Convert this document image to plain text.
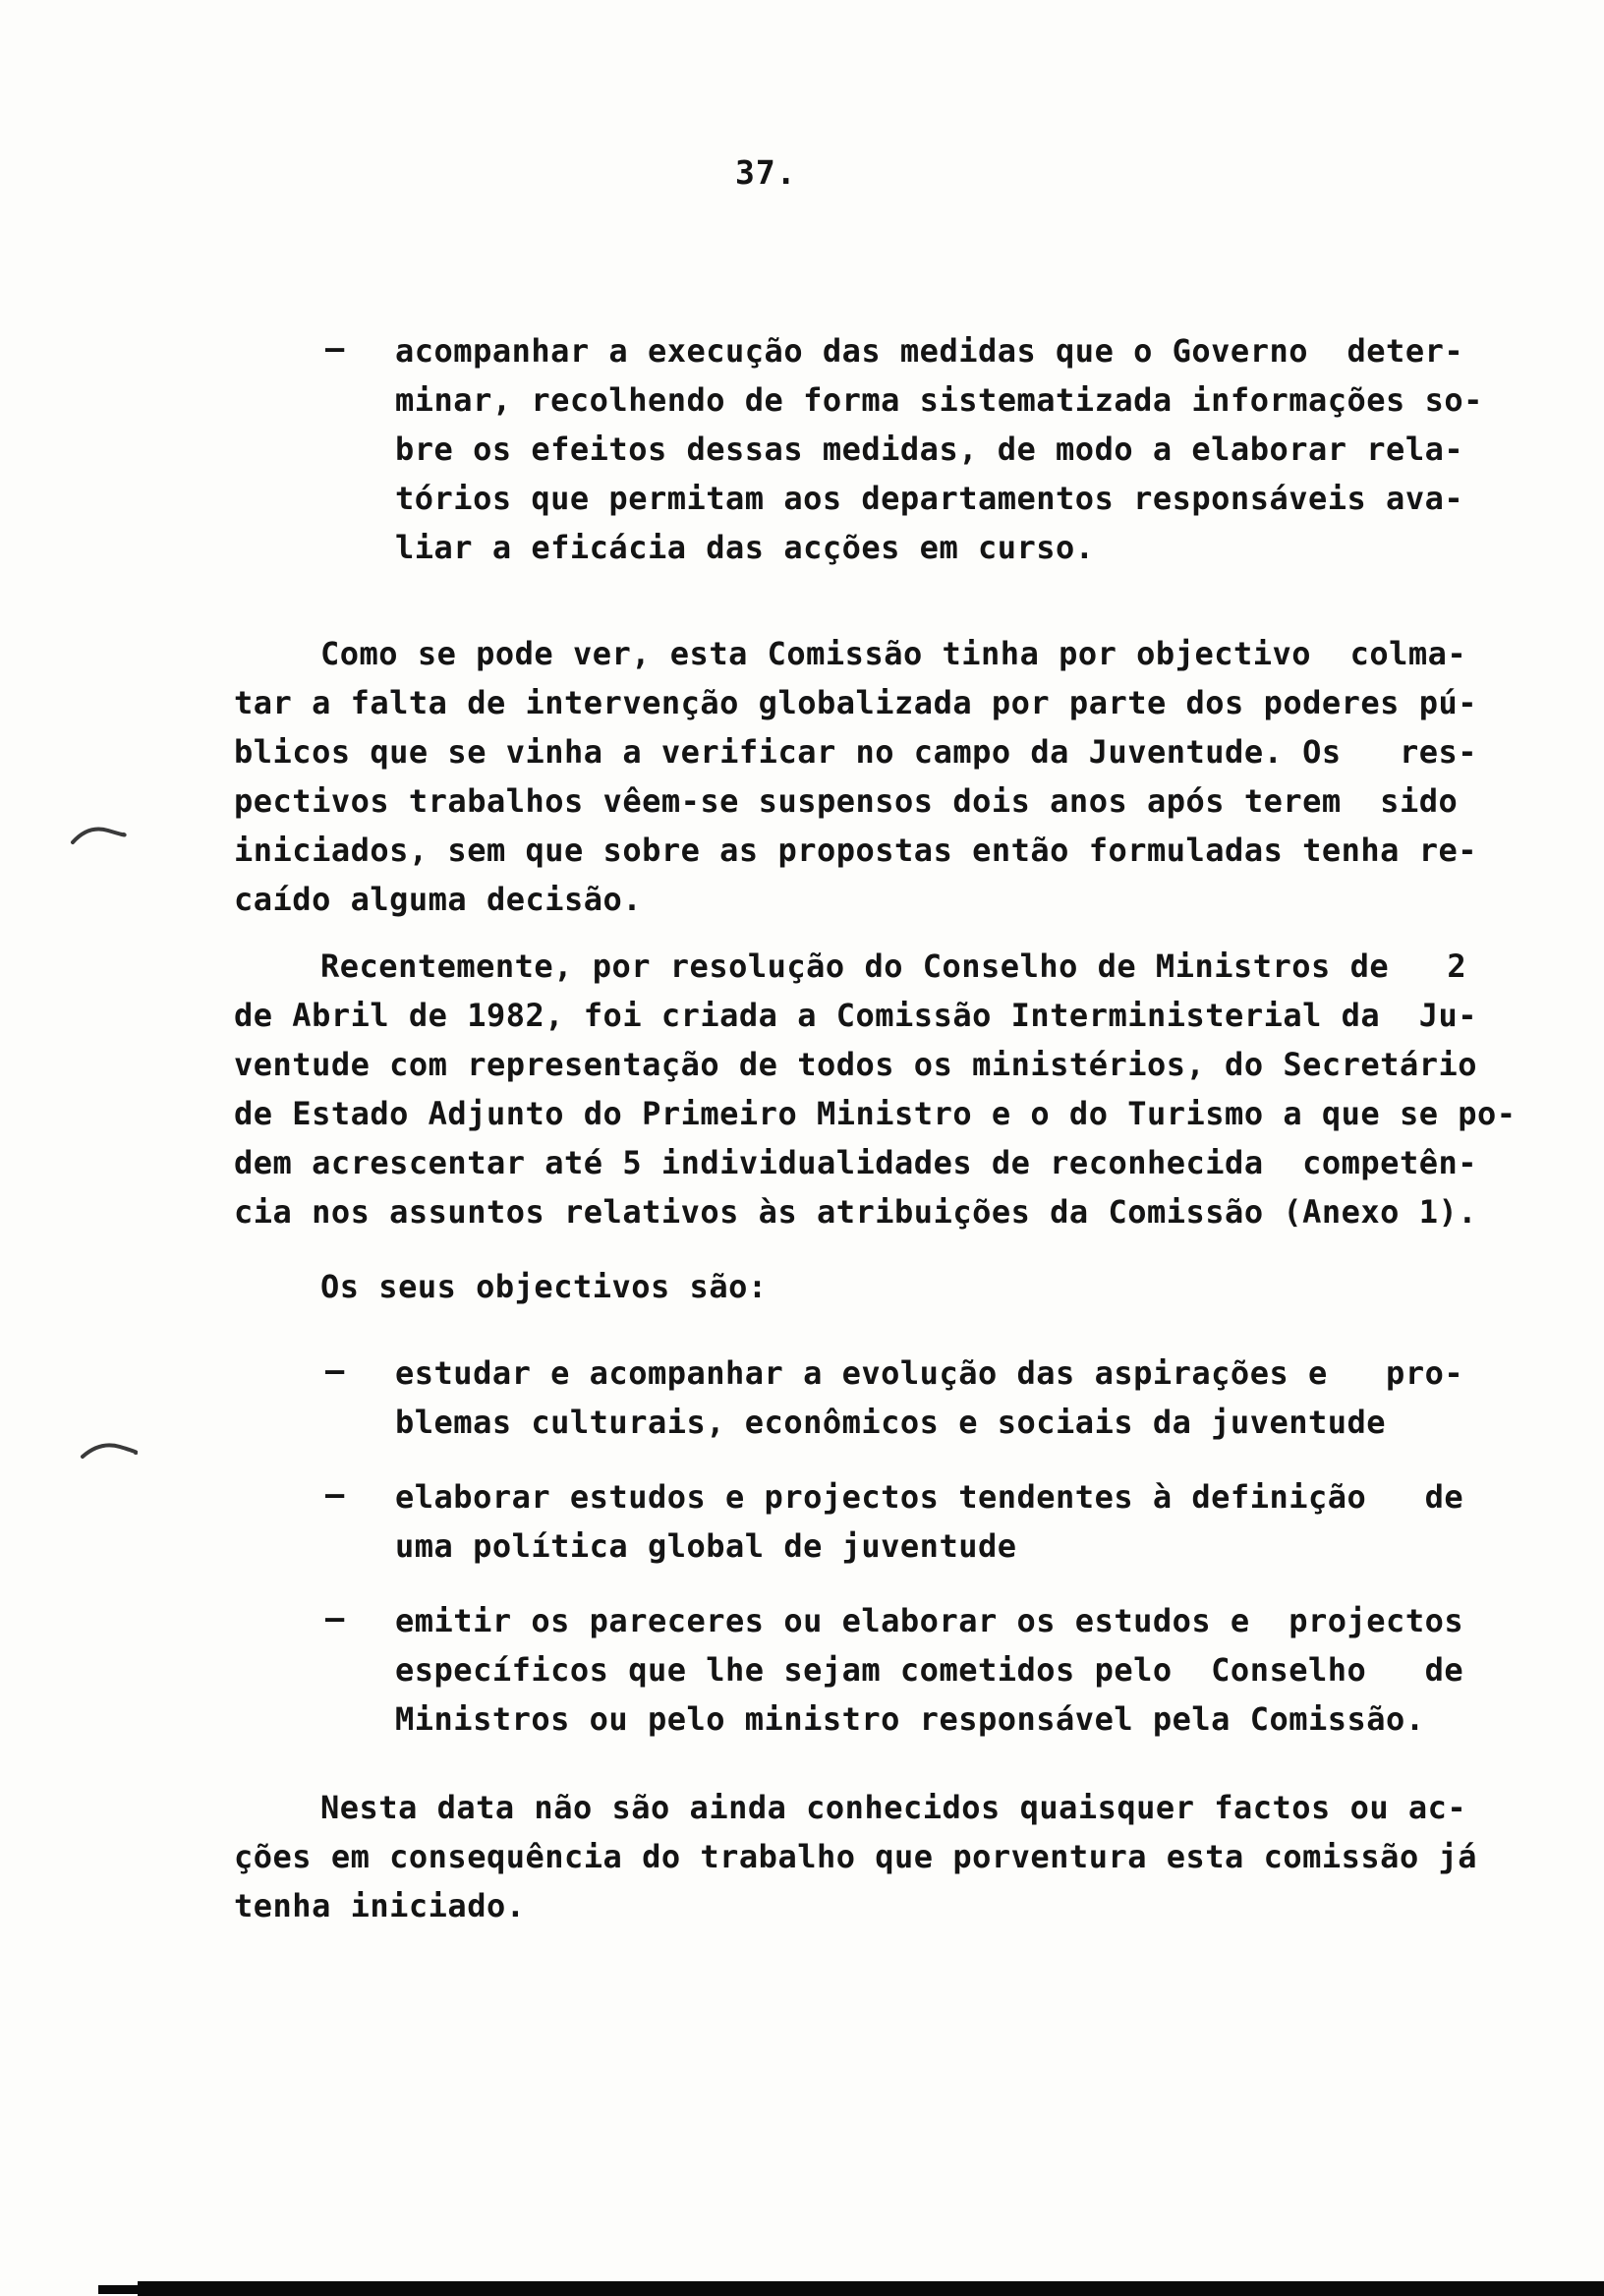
37.
— acompanhar a execução das medidas que o Governo  deter-
minar, recolhendo de forma sistematizada informações so-
bre os efeitos dessas medidas, de modo a elaborar rela-
tórios que permitam aos departamentos responsáveis ava-
liar a eficácia das acções em curso.
Como se pode ver, esta Comissão tinha por objectivo  colma-
tar a falta de intervenção globalizada por parte dos poderes pú-
blicos que se vinha a verificar no campo da Juventude. Os   res-
pectivos trabalhos vêem-se suspensos dois anos após terem  sido
iniciados, sem que sobre as propostas então formuladas tenha re-
caído alguma decisão.
Recentemente, por resolução do Conselho de Ministros de   2
de Abril de 1982, foi criada a Comissão Interministerial da  Ju-
ventude com representação de todos os ministérios, do Secretário
de Estado Adjunto do Primeiro Ministro e o do Turismo a que se po-
dem acrescentar até 5 individualidades de reconhecida  competên-
cia nos assuntos relativos às atribuições da Comissão (Anexo 1).
Os seus objectivos são:
— estudar e acompanhar a evolução das aspirações e   pro-
blemas culturais, econômicos e sociais da juventude
— elaborar estudos e projectos tendentes à definição   de
uma política global de juventude
— emitir os pareceres ou elaborar os estudos e  projectos
específicos que lhe sejam cometidos pelo  Conselho   de
Ministros ou pelo ministro responsável pela Comissão.
Nesta data não são ainda conhecidos quaisquer factos ou ac-
ções em consequência do trabalho que porventura esta comissão já
tenha iniciado.
